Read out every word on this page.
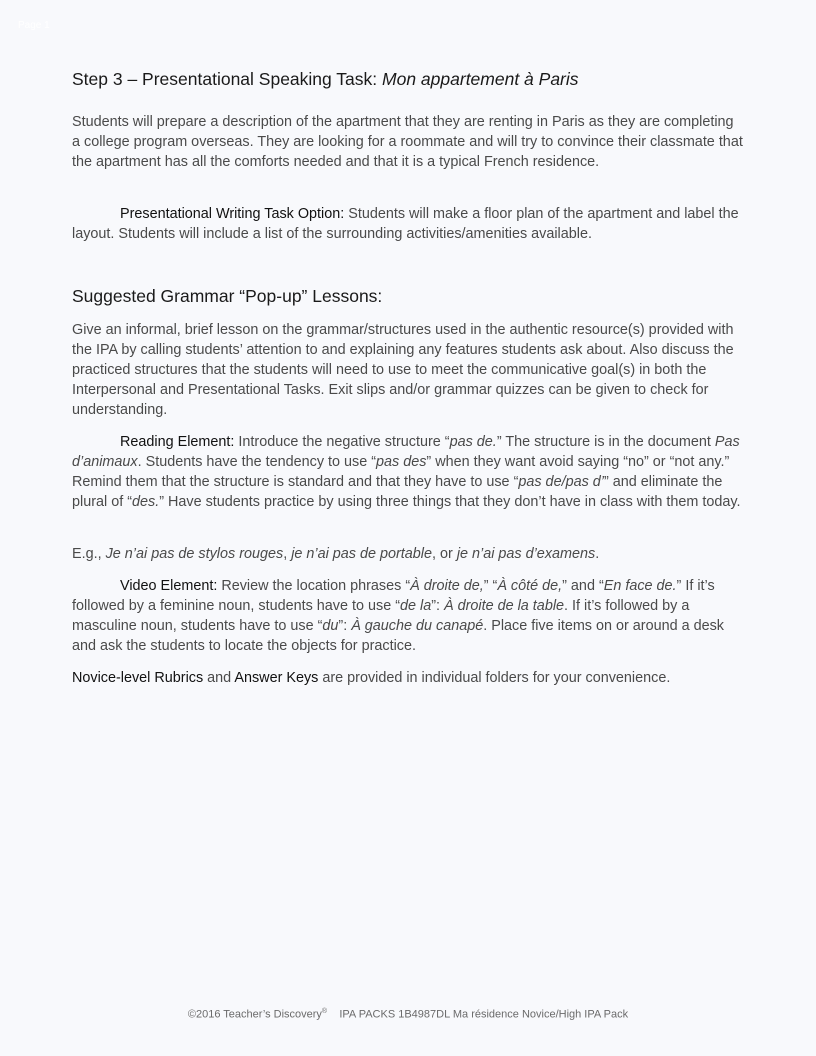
Page 1
Step 3 – Presentational Speaking Task: Mon appartement à Paris

Students will prepare a description of the apartment that they are renting in Paris as they are completing a college program overseas. They are looking for a roommate and will try to convince their classmate that the apartment has all the comforts needed and that it is a typical French residence.

Presentational Writing Task Option: Students will make a floor plan of the apartment and label the layout. Students will include a list of the surrounding activities/amenities available.

Suggested Grammar “Pop-up” Lessons:

Give an informal, brief lesson on the grammar/structures used in the authentic resource(s) provided with the IPA by calling students’ attention to and explaining any features students ask about. Also discuss the practiced structures that the students will need to use to meet the communicative goal(s) in both the Interpersonal and Presentational Tasks. Exit slips and/or grammar quizzes can be given to check for understanding.

Reading Element: Introduce the negative structure “pas de.” The structure is in the document Pas d’animaux. Students have the tendency to use “pas des” when they want avoid saying “no” or “not any.” Remind them that the structure is standard and that they have to use “pas de/pas d’” and eliminate the plural of “des.” Have students practice by using three things that they don’t have in class with them today.

E.g., Je n’ai pas de stylos rouges, je n’ai pas de portable, or je n’ai pas d’examens.

Video Element: Review the location phrases “À droite de,” “À côté de,” and “En face de.” If it’s followed by a feminine noun, students have to use “de la”: À droite de la table. If it’s followed by a masculine noun, students have to use “du”: À gauche du canapé. Place five items on or around a desk and ask the students to locate the objects for practice.

Novice-level Rubrics and Answer Keys are provided in individual folders for your convenience.

©2016 Teacher’s Discovery® IPA PACKS 1B4987DL Ma résidence Novice/High IPA Pack
